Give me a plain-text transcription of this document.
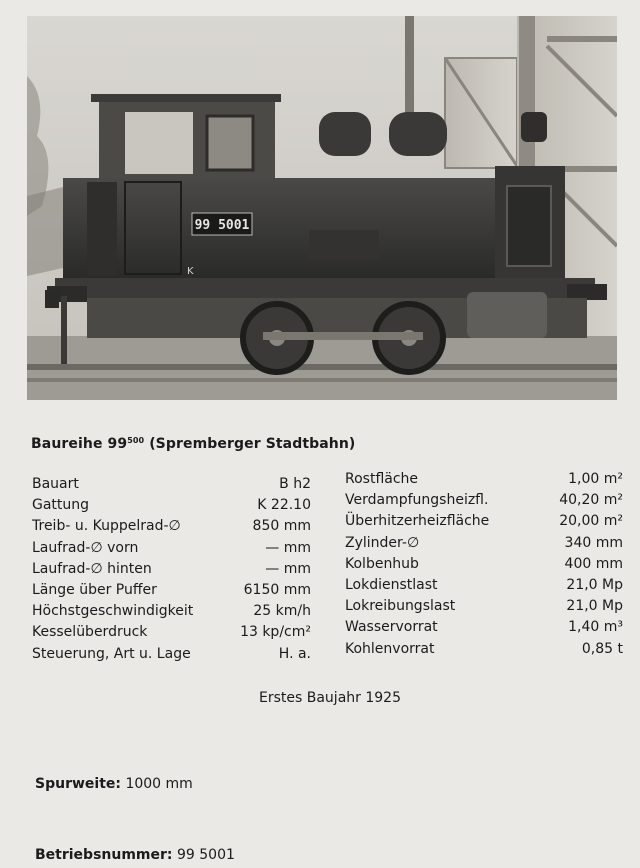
99 5001
K
Baureihe $99^{500}$ (Spremberger Stadtbahn)
Bauart	B h2
Gattung	K 22.10
Treib- u. Kuppelrad-∅	850 mm
Laufrad-∅ vorn	— mm
Laufrad-∅ hinten	— mm
Länge über Puffer	6150 mm
Höchstgeschwindigkeit	25 km/h
Kesselüberdruck	13 kp/cm²
Steuerung, Art u. Lage	H. a.
Rostfläche	1,00 m²
Verdampfungsheizfl.	40,20 m²
Überhitzerheizfläche	20,00 m²
Zylinder-∅	340 mm
Kolbenhub	400 mm
Lokdienstlast	21,0 Mp
Lokreibungslast	21,0 Mp
Wasservorrat	1,40 m³
Kohlenvorrat	0,85 t
Erstes Baujahr 1925
Spurweite: 1000 mm
Betriebsnummer: 99 5001
